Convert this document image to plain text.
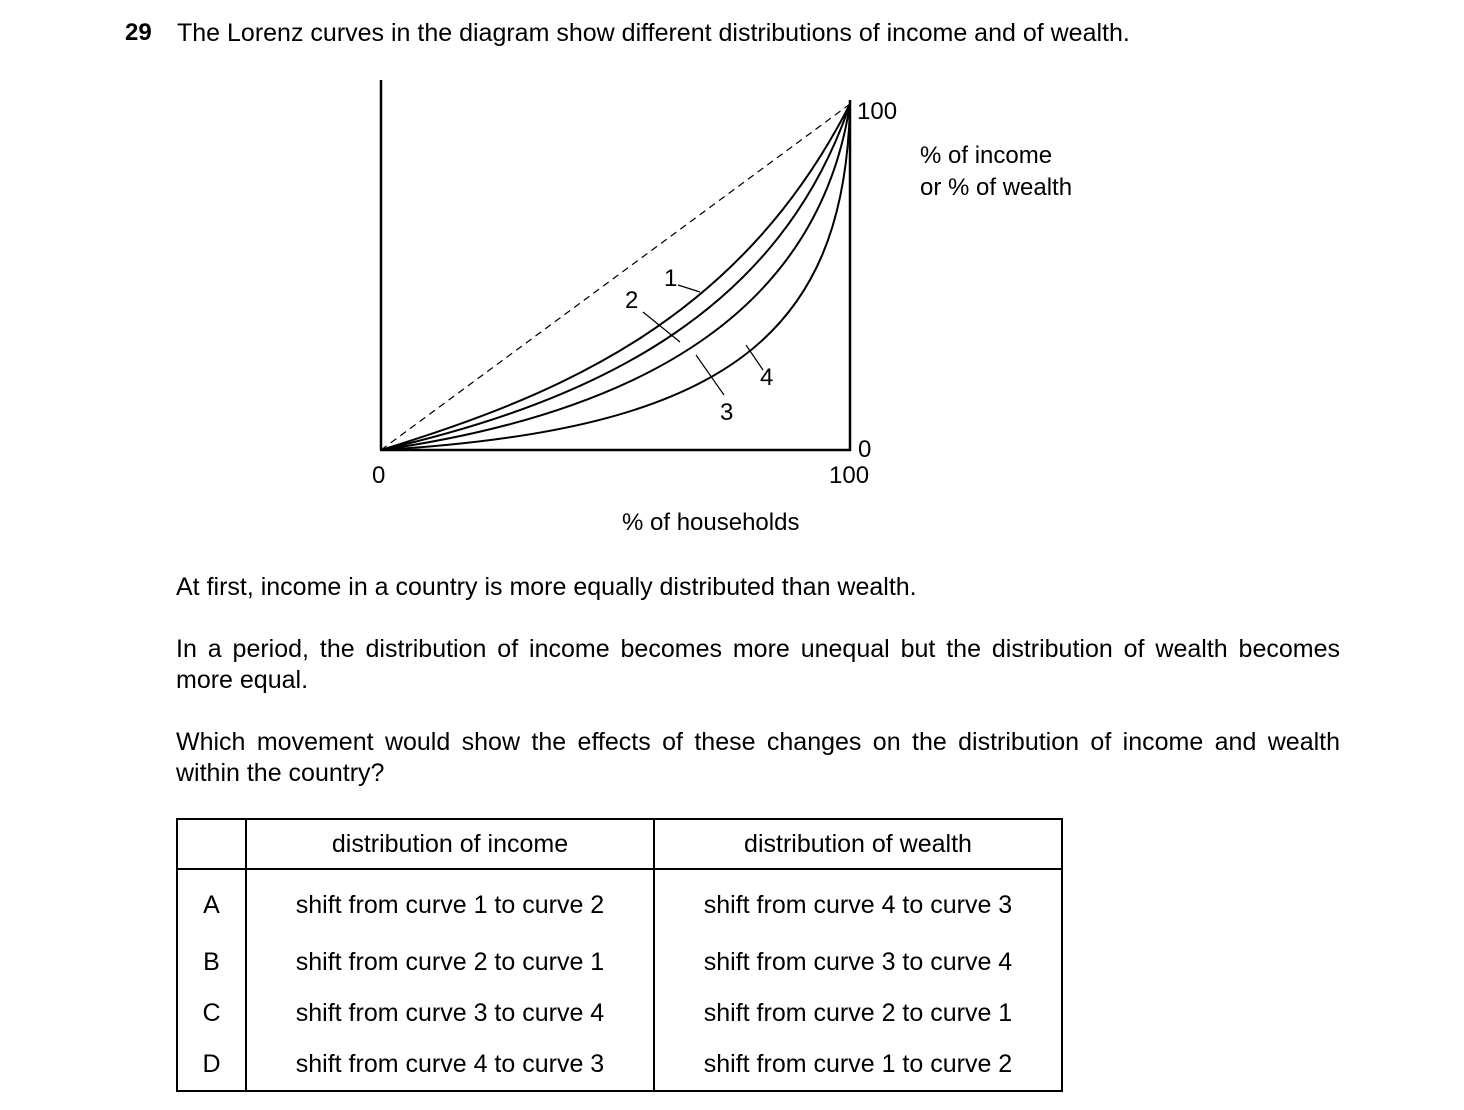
29 The Lorenz curves in the diagram show different distributions of income and of wealth.
1
2
3
4
100
% of income
or % of wealth
0
0	100
% of households
At first, income in a country is more equally distributed than wealth.
In a period, the distribution of income becomes more unequal but the distribution of wealth becomes more equal.
Which movement would show the effects of these changes on the distribution of income and wealth within the country?
	distribution of income	distribution of wealth
A	shift from curve 1 to curve 2	shift from curve 4 to curve 3
B	shift from curve 2 to curve 1	shift from curve 3 to curve 4
C	shift from curve 3 to curve 4	shift from curve 2 to curve 1
D	shift from curve 4 to curve 3	shift from curve 1 to curve 2
